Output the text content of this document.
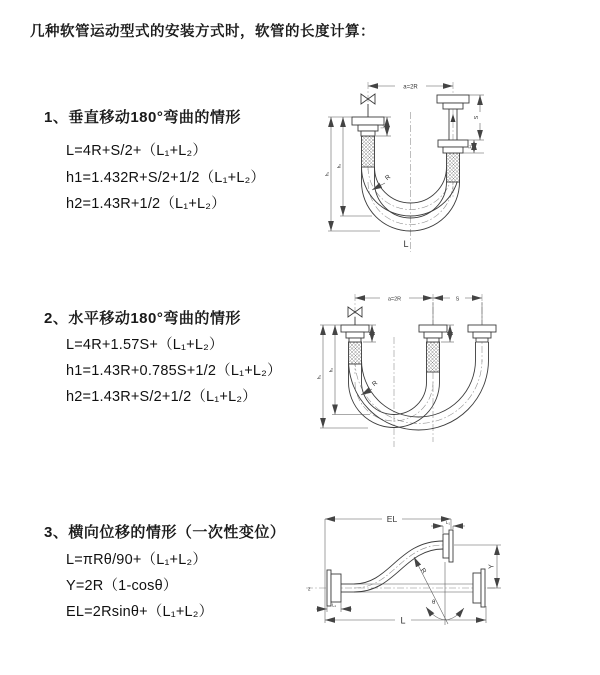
几种软管运动型式的安装方式时，软管的长度计算：
1、垂直移动180°弯曲的情形
L=4R+S/2+（L₁+L₂）
h1=1.432R+S/2+1/2（L₁+L₂）
h2=1.43R+1/2（L₁+L₂）
2、水平移动180°弯曲的情形
L=4R+1.57S+（L₁+L₂）
h1=1.43R+0.785S+1/2（L₁+L₂）
h2=1.43R+S/2+1/2（L₁+L₂）
3、横向位移的情形（一次性变位）
L=πRθ/90+（L₁+L₂）
Y=2R（1-cosθ）
EL=2Rsinθ+（L₁+L₂）
a=2R
S
L₁
L₁
h₁
h₂
R
L
a=2R	S
h₁
h₂
R
z
θ
R
EL	L₁
Y
L
L₁
